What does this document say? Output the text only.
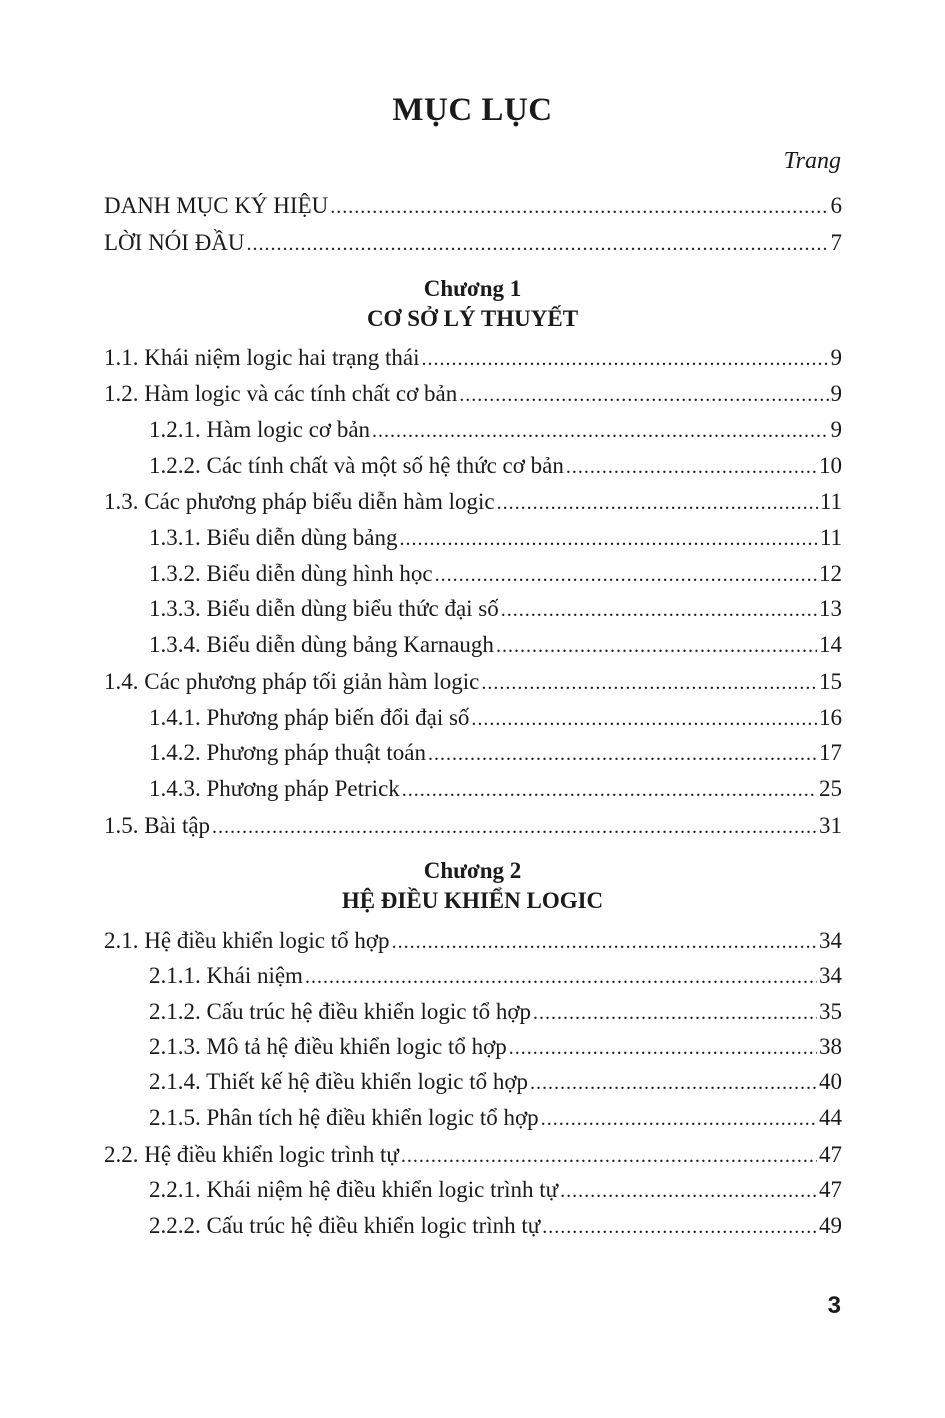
MỤC LỤC
Trang
DANH MỤC KÝ HIỆU .....	6
LỜI NÓI ĐẦU .....	7
1.1. Khái niệm logic hai trạng thái .....	9
1.2. Hàm logic và các tính chất cơ bản .....	9
1.2.1. Hàm logic cơ bản .....	9
1.2.2. Các tính chất và một số hệ thức cơ bản .....	10
1.3. Các phương pháp biểu diễn hàm logic .....	11
1.3.1. Biểu diễn dùng bảng .....	11
1.3.2. Biểu diễn dùng hình học .....	12
1.3.3. Biểu diễn dùng biểu thức đại số .....	13
1.3.4. Biểu diễn dùng bảng Karnaugh .....	14
1.4. Các phương pháp tối giản hàm logic .....	15
1.4.1. Phương pháp biến đổi đại số .....	16
1.4.2. Phương pháp thuật toán .....	17
1.4.3. Phương pháp Petrick .....	25
1.5. Bài tập .....	31
2.1. Hệ điều khiển logic tổ hợp .....	34
2.1.1. Khái niệm .....	34
2.1.2. Cấu trúc hệ điều khiển logic tổ hợp .....	35
2.1.3. Mô tả hệ điều khiển logic tổ hợp .....	38
2.1.4. Thiết kế hệ điều khiển logic tổ hợp .....	40
2.1.5. Phân tích hệ điều khiển logic tổ hợp .....	44
2.2. Hệ điều khiển logic trình tự .....	47
2.2.1. Khái niệm hệ điều khiển logic trình tự .....	47
2.2.2. Cấu trúc hệ điều khiển logic trình tự .....	49
Chương 1
CƠ SỞ LÝ THUYẾT
Chương 2
HỆ ĐIỀU KHIỂN LOGIC
3
